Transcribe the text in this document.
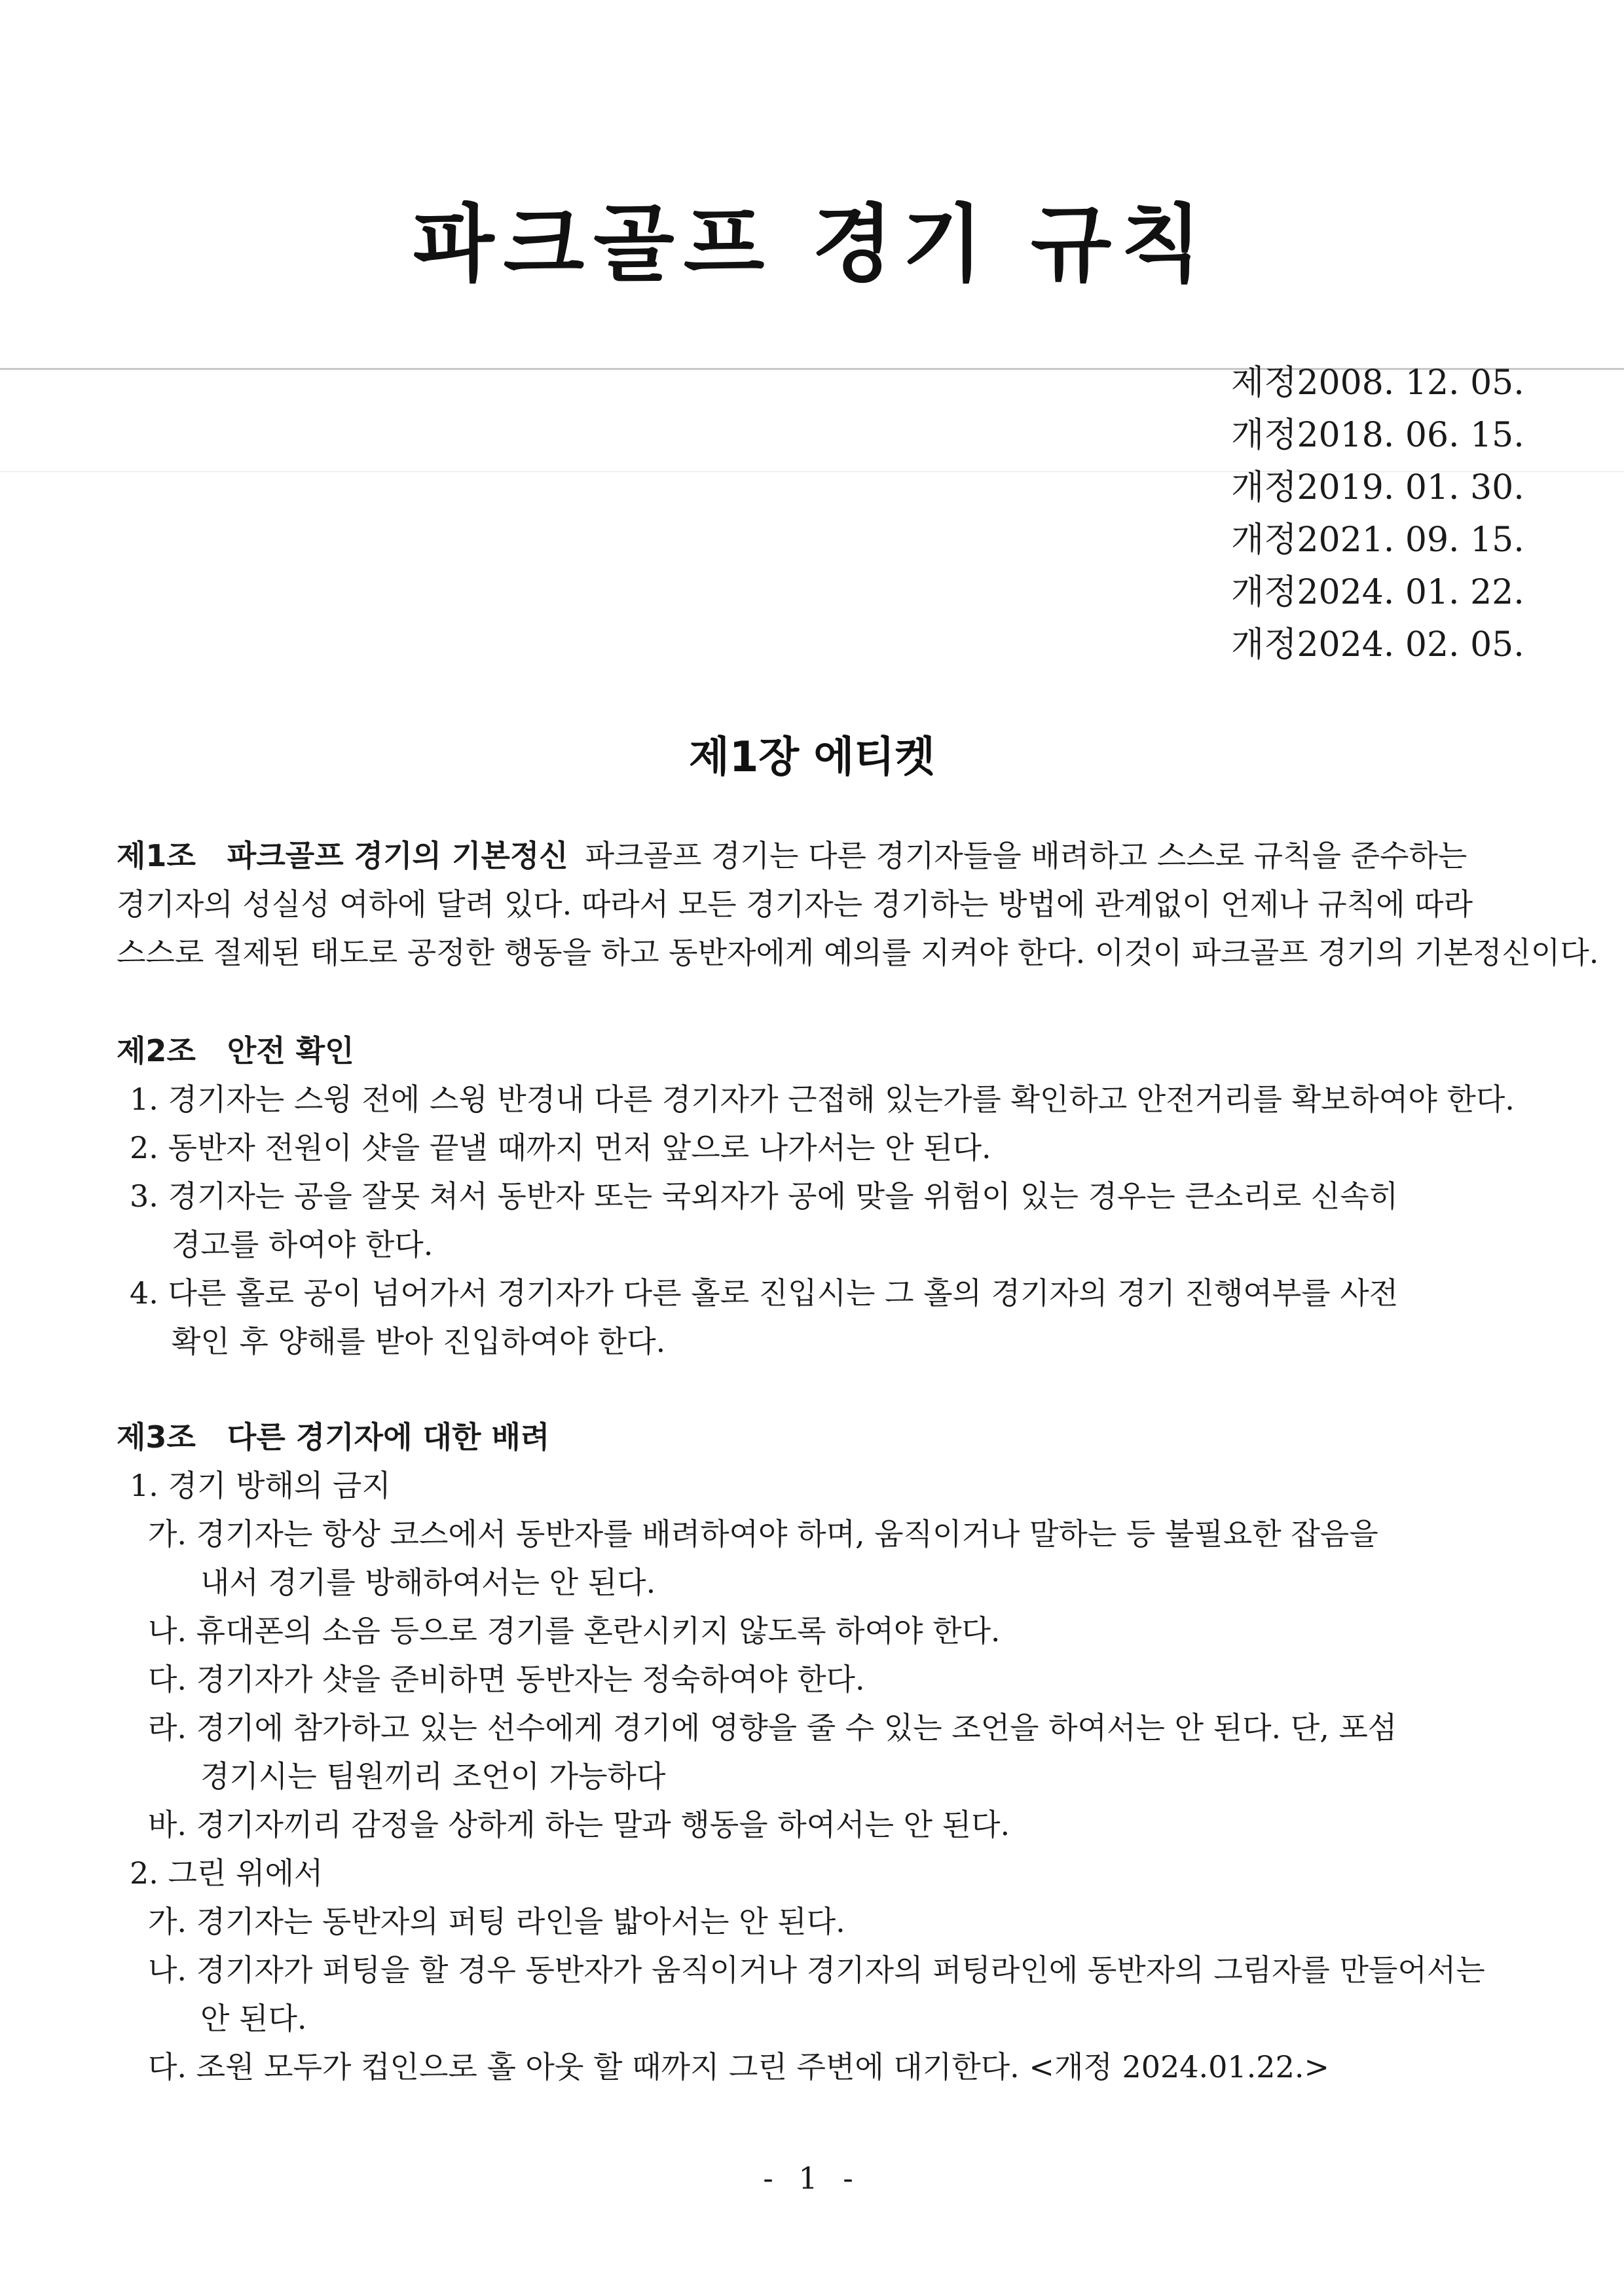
파크골프 경기 규칙
제정 2008. 12. 05.
개정 2018. 06. 15.
개정 2019. 01. 30.
개정 2021. 09. 15.
개정 2024. 01. 22.
개정 2024. 02. 05.
제1장 에티켓
제1조   파크골프 경기의 기본정신 파크골프 경기는 다른 경기자들을 배려하고 스스로 규칙을 준수하는
경기자의 성실성 여하에 달려 있다. 따라서 모든 경기자는 경기하는 방법에 관계없이 언제나 규칙에 따라
스스로 절제된 태도로 공정한 행동을 하고 동반자에게 예의를 지켜야 한다. 이것이 파크골프 경기의 기본정신이다.
제2조   안전 확인
1. 경기자는 스윙 전에 스윙 반경내 다른 경기자가 근접해 있는가를 확인하고 안전거리를 확보하여야 한다.
2. 동반자 전원이 샷을 끝낼 때까지 먼저 앞으로 나가서는 안 된다.
3. 경기자는 공을 잘못 쳐서 동반자 또는 국외자가 공에 맞을 위험이 있는 경우는 큰소리로 신속히
경고를 하여야 한다.
4. 다른 홀로 공이 넘어가서 경기자가 다른 홀로 진입시는 그 홀의 경기자의 경기 진행여부를 사전
확인 후 양해를 받아 진입하여야 한다.
제3조   다른 경기자에 대한 배려
1. 경기 방해의 금지
가. 경기자는 항상 코스에서 동반자를 배려하여야 하며, 움직이거나 말하는 등 불필요한 잡음을
내서 경기를 방해하여서는 안 된다.
나. 휴대폰의 소음 등으로 경기를 혼란시키지 않도록 하여야 한다.
다. 경기자가 샷을 준비하면 동반자는 정숙하여야 한다.
라. 경기에 참가하고 있는 선수에게 경기에 영향을 줄 수 있는 조언을 하여서는 안 된다. 단, 포섬
경기시는 팀원끼리 조언이 가능하다
바. 경기자끼리 감정을 상하게 하는 말과 행동을 하여서는 안 된다.
2. 그린 위에서
가. 경기자는 동반자의 퍼팅 라인을 밟아서는 안 된다.
나. 경기자가 퍼팅을 할 경우 동반자가 움직이거나 경기자의 퍼팅라인에 동반자의 그림자를 만들어서는
안 된다.
다. 조원 모두가 컵인으로 홀 아웃 할 때까지 그린 주변에 대기한다. <개정 2024.01.22.>
- 1 -
